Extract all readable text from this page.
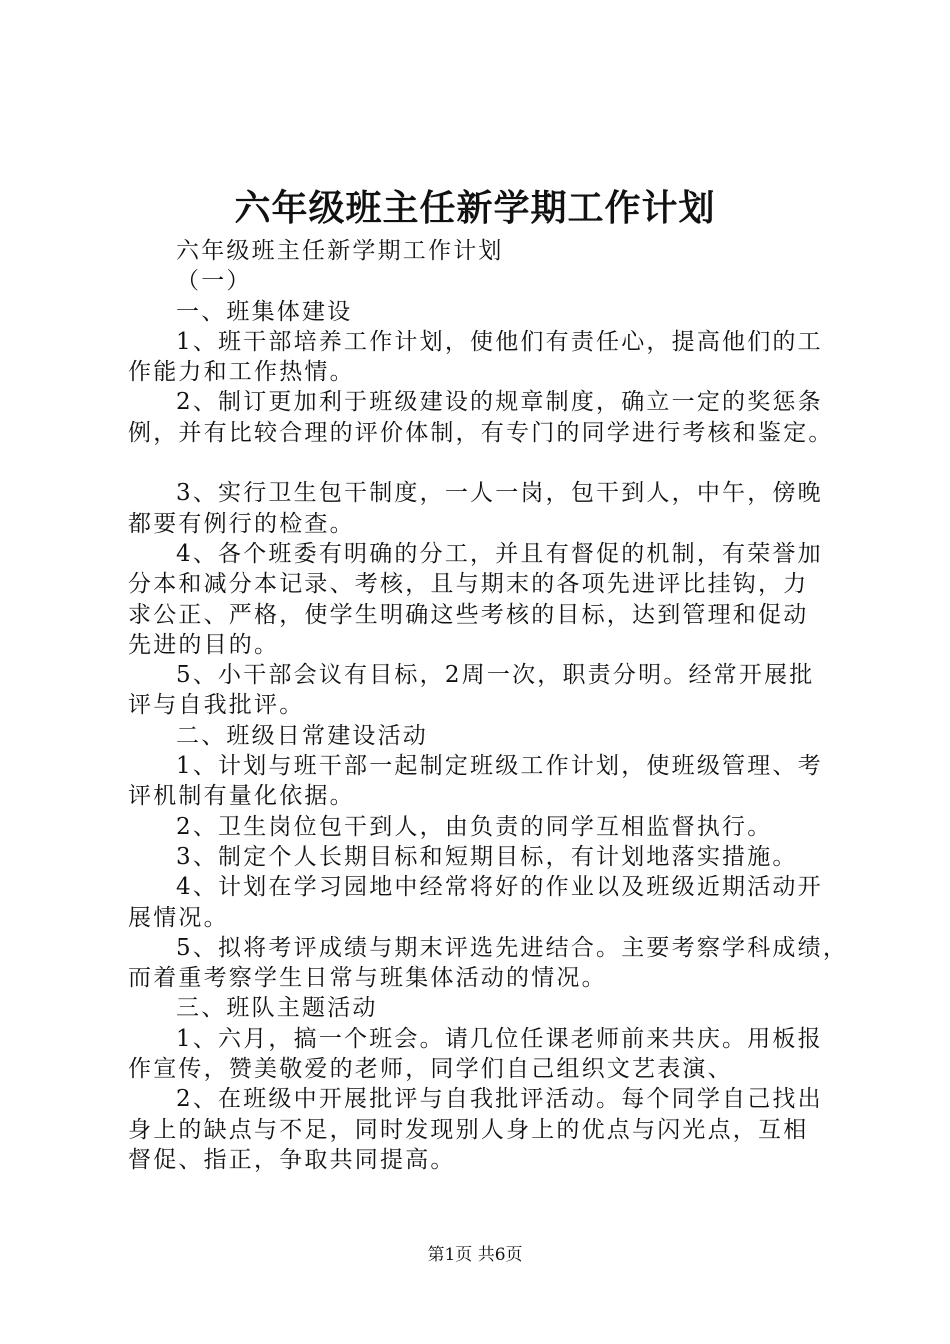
六年级班主任新学期工作计划
六年级班主任新学期工作计划
（一）
一、班集体建设
1、班干部培养工作计划，使他们有责任心，提高他们的工
作能力和工作热情。
2、制订更加利于班级建设的规章制度，确立一定的奖惩条
例，并有比较合理的评价体制，有专门的同学进行考核和鉴定。
3、实行卫生包干制度，一人一岗，包干到人，中午，傍晚
都要有例行的检查。
4、各个班委有明确的分工，并且有督促的机制，有荣誉加
分本和减分本记录、考核，且与期末的各项先进评比挂钩，力
求公正、严格，使学生明确这些考核的目标，达到管理和促动
先进的目的。
5、小干部会议有目标，2周一次，职责分明。经常开展批
评与自我批评。
二、班级日常建设活动
1、计划与班干部一起制定班级工作计划，使班级管理、考
评机制有量化依据。
2、卫生岗位包干到人，由负责的同学互相监督执行。
3、制定个人长期目标和短期目标，有计划地落实措施。
4、计划在学习园地中经常将好的作业以及班级近期活动开
展情况。
5、拟将考评成绩与期末评选先进结合。主要考察学科成绩，
而着重考察学生日常与班集体活动的情况。
三、班队主题活动
1、六月，搞一个班会。请几位任课老师前来共庆。用板报
作宣传，赞美敬爱的老师，同学们自己组织文艺表演、
2、在班级中开展批评与自我批评活动。每个同学自己找出
身上的缺点与不足，同时发现别人身上的优点与闪光点，互相
督促、指正，争取共同提高。
第1页 共6页
